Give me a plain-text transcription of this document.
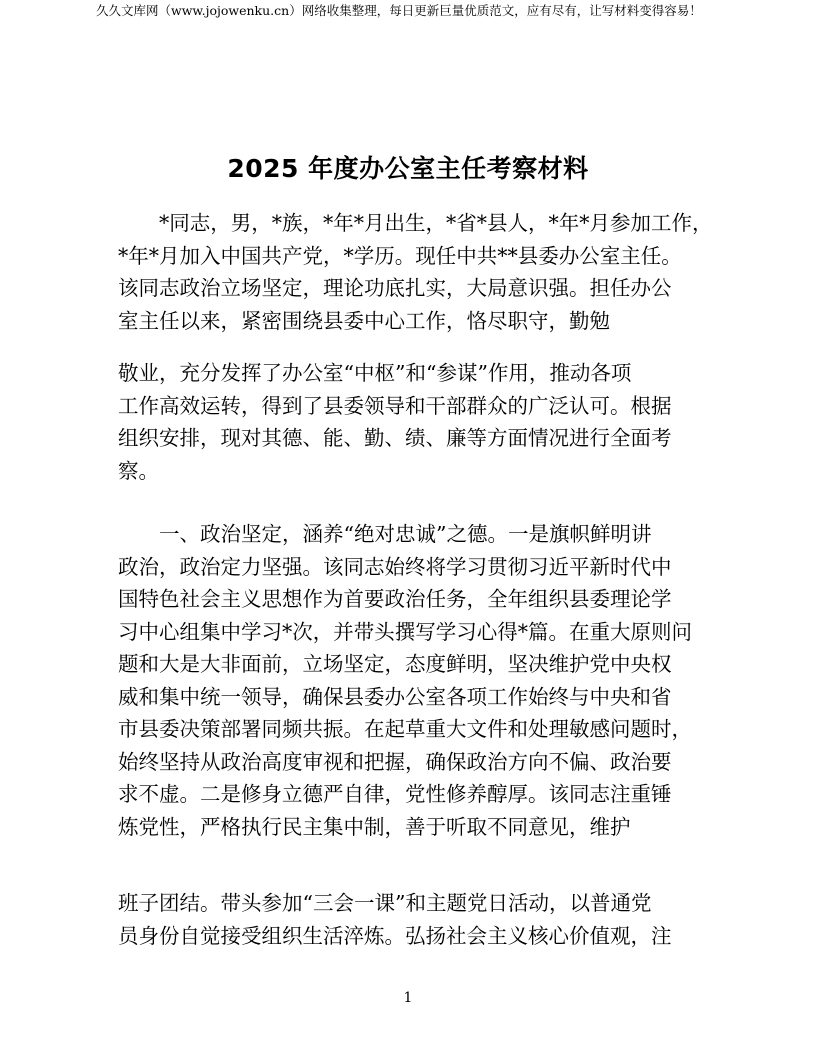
久久文库网（www.jojowenku.cn）网络收集整理，每日更新巨量优质范文，应有尽有，让写材料变得容易！
2025 年度办公室主任考察材料
　　*同志，男，*族，*年*月出生，*省*县人，*年*月参加工作，
*年*月加入中国共产党，*学历。现任中共**县委办公室主任。
该同志政治立场坚定，理论功底扎实，大局意识强。担任办公
室主任以来，紧密围绕县委中心工作，恪尽职守，勤勉
敬业，充分发挥了办公室“中枢”和“参谋”作用，推动各项
工作高效运转，得到了县委领导和干部群众的广泛认可。根据
组织安排，现对其德、能、勤、绩、廉等方面情况进行全面考
察。
　　一、政治坚定，涵养“绝对忠诚”之德。一是旗帜鲜明讲
政治，政治定力坚强。该同志始终将学习贯彻习近平新时代中
国特色社会主义思想作为首要政治任务，全年组织县委理论学
习中心组集中学习*次，并带头撰写学习心得*篇。在重大原则问
题和大是大非面前，立场坚定，态度鲜明，坚决维护党中央权
威和集中统一领导，确保县委办公室各项工作始终与中央和省
市县委决策部署同频共振。在起草重大文件和处理敏感问题时，
始终坚持从政治高度审视和把握，确保政治方向不偏、政治要
求不虚。二是修身立德严自律，党性修养醇厚。该同志注重锤
炼党性，严格执行民主集中制，善于听取不同意见，维护
班子团结。带头参加“三会一课”和主题党日活动，以普通党
员身份自觉接受组织生活淬炼。弘扬社会主义核心价值观，注
1
